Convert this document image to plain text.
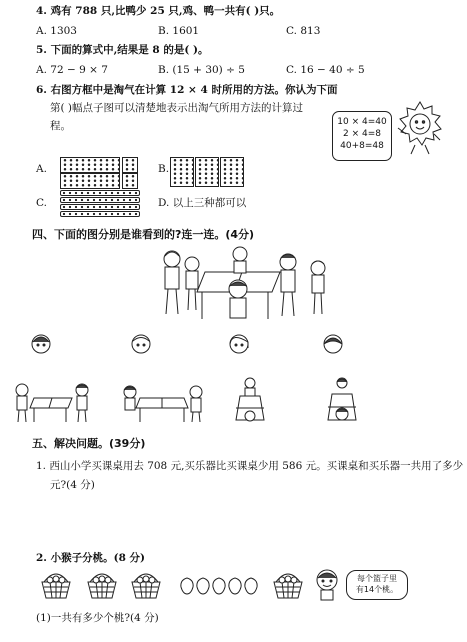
4. 鸡有 788 只,比鸭少 25 只,鸡、鸭一共有( )只。
A. 1303	B. 1601	C. 813
5. 下面的算式中,结果是 8 的是( )。
A. 72 − 9 × 7	B. (15 + 30) ÷ 5	C. 16 − 40 ÷ 5
6. 右图方框中是淘气在计算 12 × 4 时所用的方法。你认为下面
第( )幅点子图可以清楚地表示出淘气所用方法的计算过
程。	10 × 4=40
2 × 4=8
40+8=48
A.	B.
C.	D. 以上三种都可以
四、下面的图分别是谁看到的?连一连。(4分)
五、解决问题。(39分)
1. 西山小学买课桌用去 708 元,买乐器比买课桌少用 586 元。买课桌和买乐器一共用了多少
元?(4 分)
2. 小猴子分桃。(8 分)
每个篮子里
有14个桃。
(1)一共有多少个桃?(4 分)
